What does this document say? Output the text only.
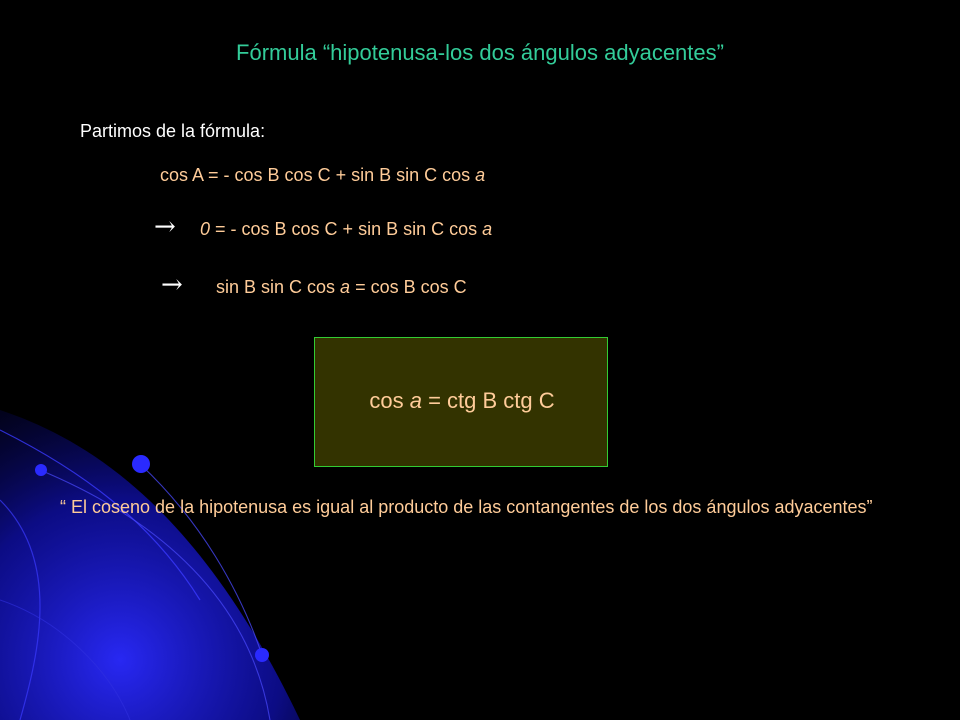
Fórmula “hipotenusa-los dos ángulos adyacentes”
Partimos de la fórmula:
cos A = - cos B cos C + sin B sin C cos a
→ 0 = - cos B cos C + sin B sin C cos a
→ sin B sin C cos a = cos B cos C
cos a = ctg B ctg C
“ El coseno de la hipotenusa es igual al producto de las contangentes de los dos ángulos adyacentes”
